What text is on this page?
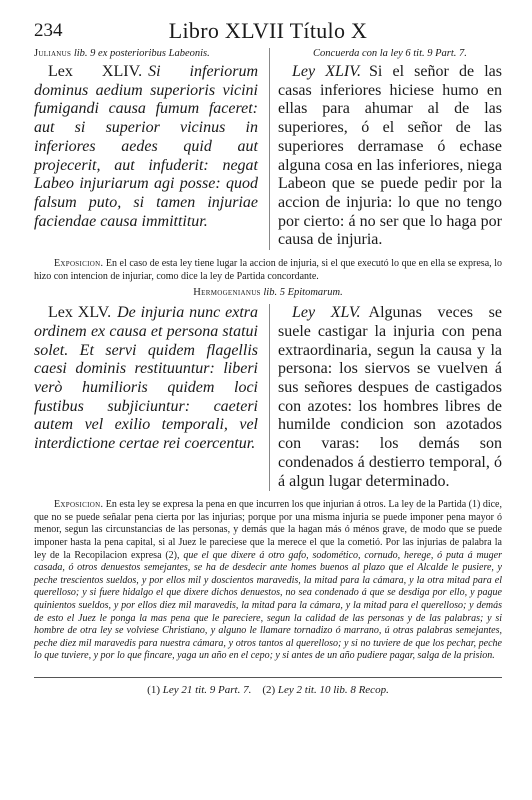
234	Libro XLVII Título X
Julianus lib. 9 ex posterioribus Labeonis.

Lex XLIV. Si inferiorum dominus aedium superioris vicini fumigandi causa fumum faceret: aut si superior vicinus in inferiores aedes quid aut projecerit, aut infuderit: negat Labeo injuriarum agi posse: quod falsum puto, si tamen injuriae faciendae causa immittitur.

Concuerda con la ley 6 tit. 9 Part. 7.

Ley XLIV. Si el señor de las casas inferiores hiciese humo en ellas para ahumar al de las superiores, ó el señor de las superiores derramase ó echase alguna cosa en las inferiores, niega Labeon que se puede pedir por la accion de injuria: lo que no tengo por cierto: á no ser que lo haga por causa de injuria.

Exposicion. En el caso de esta ley tiene lugar la accion de injuria, si el que executó lo que en ella se expresa, lo hizo con intencion de injuriar, como dice la ley de Partida concordante.

Hermogenianus lib. 5 Epitomarum.

Lex XLV. De injuria nunc extra ordinem ex causa et persona statui solet. Et servi quidem flagellis caesi dominis restituuntur: liberi verò humilioris quidem loci fustibus subjiciuntur: caeteri autem vel exilio temporali, vel interdictione certae rei coercentur.

Ley XLV. Algunas veces se suele castigar la injuria con pena extraordinaria, segun la causa y la persona: los siervos se vuelven á sus señores despues de castigados con azotes: los hombres libres de humilde condicion son azotados con varas: los demás son condenados á destierro temporal, ó á algun lugar determinado.

Exposicion. En esta ley se expresa la pena en que incurren los que injurian á otros. La ley de la Partida (1) dice, que no se puede señalar pena cierta por las injurias; porque por una misma injuria se puede imponer pena mayor ó menor, segun las circunstancias de las personas, y demás que la hagan más ó ménos grave, de modo que se puede imponer hasta la pena capital, si al Juez le pareciese que la merece el que la cometió. Por las injurias de palabra la ley de la Recopilacion expresa (2), que el que dixere á otro gafo, sodomético, cornudo, herege, ó puta á muger casada, ó otros denuestos semejantes, se ha de desdecir ante homes buenos al plazo que el Alcalde le pusiere, y peche trescientos sueldos, y por ellos mil y doscientos maravedis, la mitad para la cámara, y la otra mitad para el querelloso; y si fuere hidalgo el que dixere dichos denuestos, no sea condenado á que se desdiga por ello, y pague quinientos sueldos, y por ellos diez mil maravedis, la mitad para la cámara, y la mitad para el querelloso; y demás de esto el Juez le ponga la mas pena que le pareciere, segun la calidad de las personas y de las palabras; y si hombre de otra ley se volviese Christiano, y alguno le llamare tornadizo ó marrano, ú otras palabras semejantes, peche diez mil maravedis para nuestra cámara, y otros tantos al querelloso; y si no tuviere de que los pechar, peche lo que tuviere, y por lo que fincare, yaga un año en el cepo; y si antes de un año pudiere pagar, salga de la prision.

(1) Ley 21 tit. 9 Part. 7. (2) Ley 2 tit. 10 lib. 8 Recop.
